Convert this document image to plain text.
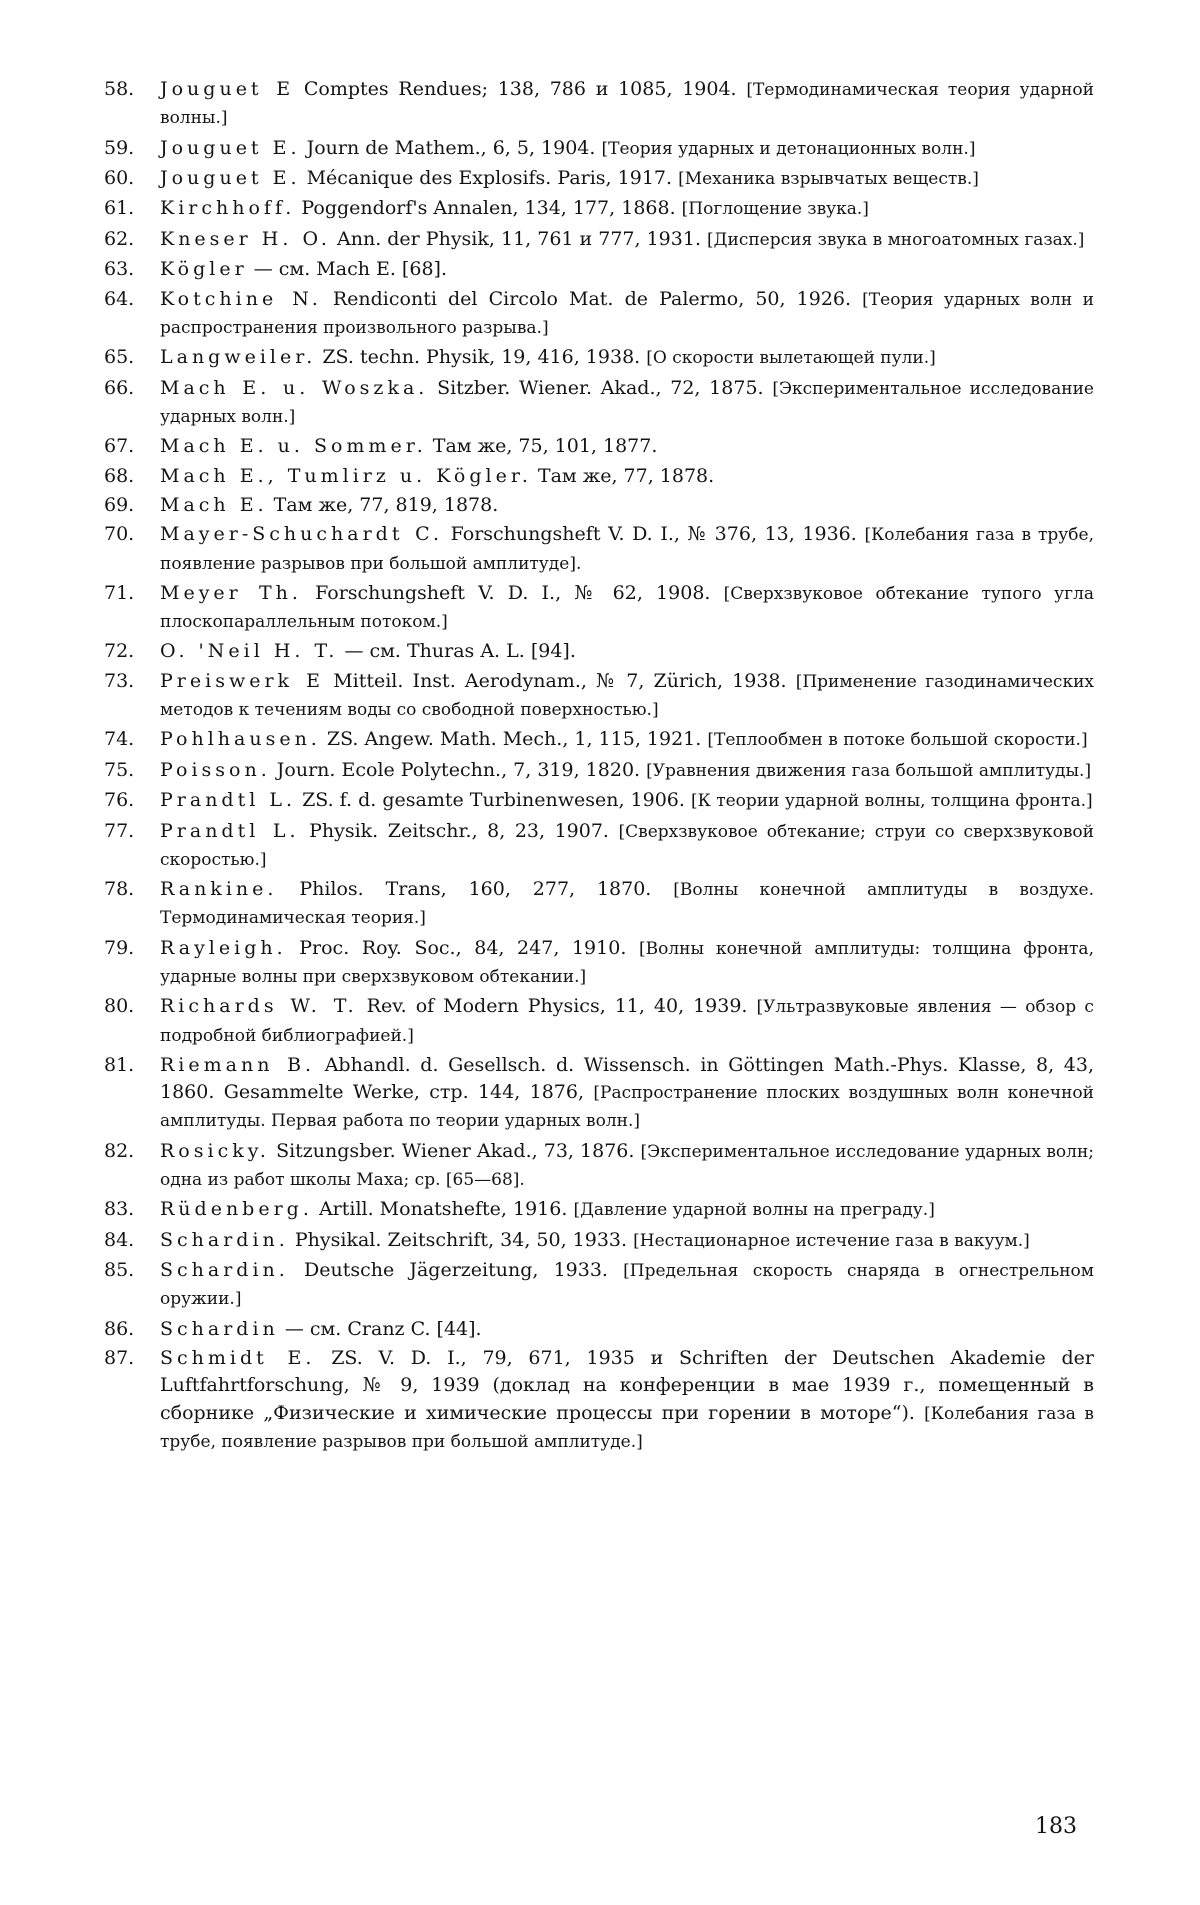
58. Jouguet E Comptes Rendues; 138, 786 и 1085, 1904. [Термодинамическая теория ударной волны.]
59. Jouguet E. Journ de Mathem., 6, 5, 1904. [Теория ударных и детонационных волн.]
60. Jouguet E. Mécanique des Explosifs. Paris, 1917. [Механика взрывчатых веществ.]
61. Kirchhoff. Poggendorf's Annalen, 134, 177, 1868. [Поглощение звука.]
62. Kneser H. O. Ann. der Physik, 11, 761 и 777, 1931. [Дисперсия звука в многоатомных газах.]
63. Kögler — см. Mach E. [68].
64. Kotchine N. Rendiconti del Circolo Mat. de Palermo, 50, 1926. [Теория ударных волн и распространения произвольного разрыва.]
65. Langweiler. ZS. techn. Physik, 19, 416, 1938. [О скорости вылетающей пули.]
66. Mach E. u. Woszka. Sitzber. Wiener. Akad., 72, 1875. [Экспериментальное исследование ударных волн.]
67. Mach E. u. Sommer. Там же, 75, 101, 1877.
68. Mach E., Tumlirz u. Kögler. Там же, 77, 1878.
69. Mach E. Там же, 77, 819, 1878.
70. Mayer-Schuchardt C. Forschungsheft V. D. I., № 376, 13, 1936. [Колебания газа в трубе, появление разрывов при большой амплитуде].
71. Meyer Th. Forschungsheft V. D. I., № 62, 1908. [Сверхзвуковое обтекание тупого угла плоскопараллельным потоком.]
72. O. 'Neil H. T. — см. Thuras A. L. [94].
73. Preiswerk E Mitteil. Inst. Aerodynam., № 7, Zürich, 1938. [Применение газодинамических методов к течениям воды со свободной поверхностью.]
74. Pohlhausen. ZS. Angew. Math. Mech., 1, 115, 1921. [Теплообмен в потоке большой скорости.]
75. Poisson. Journ. Ecole Polytechn., 7, 319, 1820. [Уравнения движения газа большой амплитуды.]
76. Prandtl L. ZS. f. d. gesamte Turbinenwesen, 1906. [К теории ударной волны, толщина фронта.]
77. Prandtl L. Physik. Zeitschr., 8, 23, 1907. [Сверхзвуковое обтекание; струи со сверхзвуковой скоростью.]
78. Rankine. Philos. Trans, 160, 277, 1870. [Волны конечной амплитуды в воздухе. Термодинамическая теория.]
79. Rayleigh. Proc. Roy. Soc., 84, 247, 1910. [Волны конечной амплитуды: толщина фронта, ударные волны при сверхзвуковом обтекании.]
80. Richards W. T. Rev. of Modern Physics, 11, 40, 1939. [Ультразвуковые явления — обзор с подробной библиографией.]
81. Riemann B. Abhandl. d. Gesellsch. d. Wissensch. in Göttingen Math.-Phys. Klasse, 8, 43, 1860. Gesammelte Werke, стр. 144, 1876, [Распространение плоских воздушных волн конечной амплитуды. Первая работа по теории ударных волн.]
82. Rosicky. Sitzungsber. Wiener Akad., 73, 1876. [Экспериментальное исследование ударных волн; одна из работ школы Маха; ср. [65—68].
83. Rüdenberg. Artill. Monatshefte, 1916. [Давление ударной волны на преграду.]
84. Schardin. Physikal. Zeitschrift, 34, 50, 1933. [Нестационарное истечение газа в вакуум.]
85. Schardin. Deutsche Jägerzeitung, 1933. [Предельная скорость снаряда в огнестрельном оружии.]
86. Schardin — см. Cranz C. [44].
87. Schmidt E. ZS. V. D. I., 79, 671, 1935 и Schriften der Deutschen Akademie der Luftfahrtforschung, № 9, 1939 (доклад на конференции в мае 1939 г., помещенный в сборнике „Физические и химические процессы при горении в моторе“). [Колебания газа в трубе, появление разрывов при большой амплитуде.]
183
